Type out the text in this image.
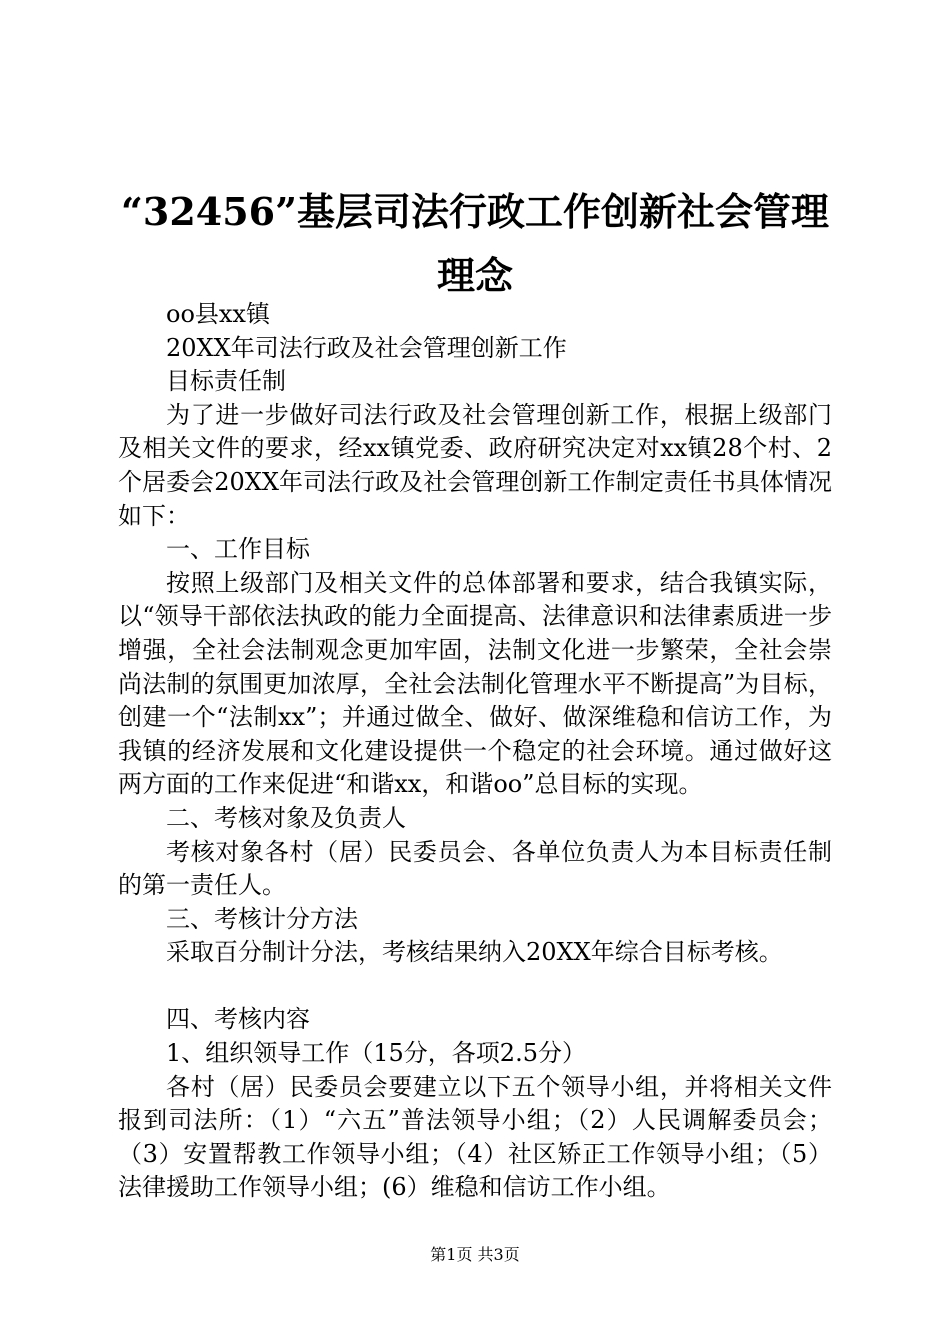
“32456”基层司法行政工作创新社会管理理念

oo县xx镇

20XX年司法行政及社会管理创新工作

目标责任制

为了进一步做好司法行政及社会管理创新工作，根据上级部门及相关文件的要求，经xx镇党委、政府研究决定对xx镇28个村、2个居委会20XX年司法行政及社会管理创新工作制定责任书具体情况如下：

一、工作目标

按照上级部门及相关文件的总体部署和要求，结合我镇实际，以“领导干部依法执政的能力全面提高、法律意识和法律素质进一步增强，全社会法制观念更加牢固，法制文化进一步繁荣，全社会崇尚法制的氛围更加浓厚，全社会法制化管理水平不断提高”为目标，创建一个“法制xx”；并通过做全、做好、做深维稳和信访工作，为我镇的经济发展和文化建设提供一个稳定的社会环境。通过做好这两方面的工作来促进“和谐xx，和谐oo”总目标的实现。

二、考核对象及负责人

考核对象各村（居）民委员会、各单位负责人为本目标责任制的第一责任人。

三、考核计分方法

采取百分制计分法，考核结果纳入20XX年综合目标考核。

四、考核内容

1、组织领导工作（15分，各项2.5分）

各村（居）民委员会要建立以下五个领导小组，并将相关文件报到司法所：（1）“六五”普法领导小组；（2）人民调解委员会；（3）安置帮教工作领导小组；（4）社区矫正工作领导小组；（5）法律援助工作领导小组；(6）维稳和信访工作小组。

第1页 共3页
